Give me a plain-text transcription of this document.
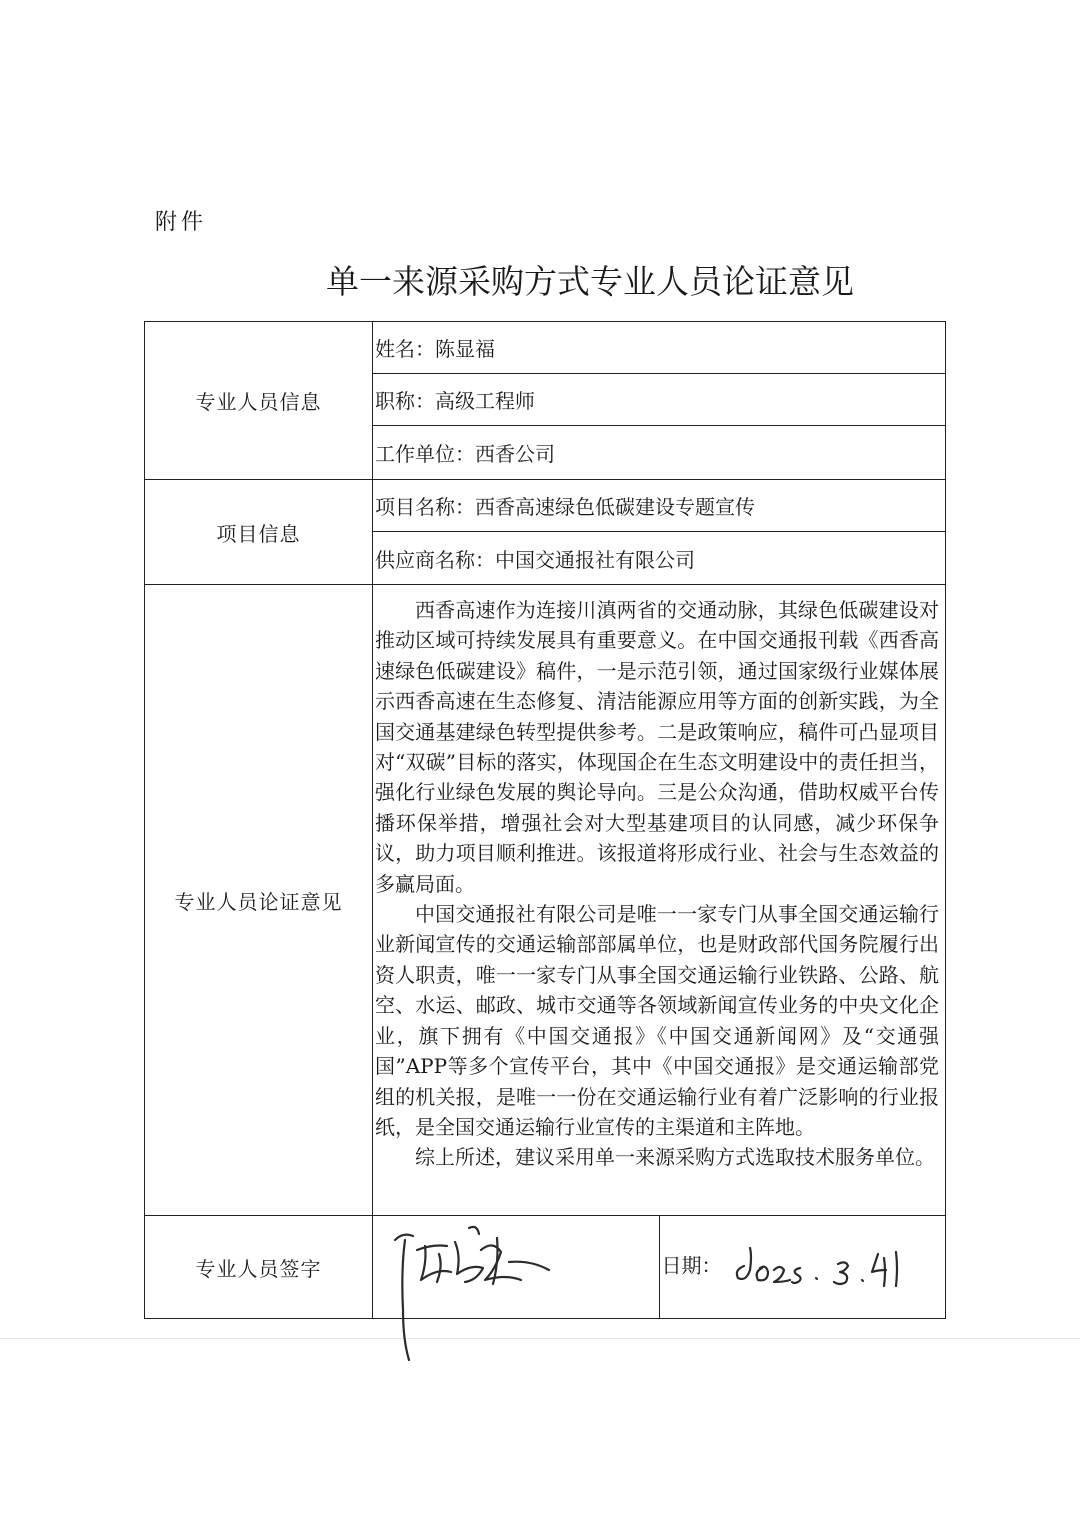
附件
单一来源采购方式专业人员论证意见
专业人员信息	姓名：陈显福	
	职称：高级工程师	
	工作单位：西香公司	
项目信息	项目名称：西香高速绿色低碳建设专题宣传	
	供应商名称：中国交通报社有限公司	
专业人员论证意见	西香高速作为连接川滇两省的交通动脉，其绿色低碳建设对推动区域可持续发展具有重要意义。在中国交通报刊载《西香高速绿色低碳建设》稿件，一是示范引领，通过国家级行业媒体展示西香高速在生态修复、清洁能源应用等方面的创新实践，为全国交通基建绿色转型提供参考。二是政策响应，稿件可凸显项目对“双碳”目标的落实，体现国企在生态文明建设中的责任担当，强化行业绿色发展的舆论导向。三是公众沟通，借助权威平台传播环保举措，增强社会对大型基建项目的认同感，减少环保争议，助力项目顺利推进。该报道将形成行业、社会与生态效益的多赢局面。

中国交通报社有限公司是唯一一家专门从事全国交通运输行业新闻宣传的交通运输部部属单位，也是财政部代国务院履行出资人职责，唯一一家专门从事全国交通运输行业铁路、公路、航空、水运、邮政、城市交通等各领域新闻宣传业务的中央文化企业，旗下拥有《中国交通报》《中国交通新闻网》及“交通强国”APP等多个宣传平台，其中《中国交通报》是交通运输部党组的机关报，是唯一一份在交通运输行业有着广泛影响的行业报纸，是全国交通运输行业宣传的主渠道和主阵地。

综上所述，建议采用单一来源采购方式选取技术服务单位。	

专业人员签字		日期：
